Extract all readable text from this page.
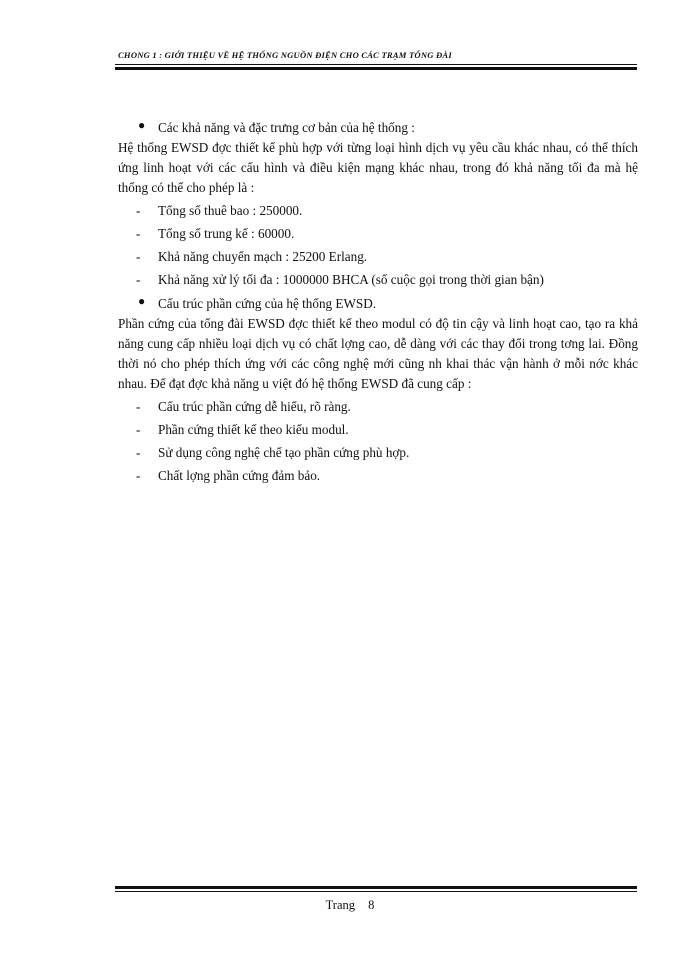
CHONG 1 : GIỚI THIỆU VỀ HỆ THỐNG NGUỒN ĐIỆN CHO CÁC TRẠM TỔNG ĐÀI
● Các khả năng và đặc trưng cơ bản của hệ thống :

Hệ thống EWSD đợc thiết kế phù hợp với từng loại hình dịch vụ yêu cầu khác nhau, có thể thích ứng linh hoạt với các cấu hình và điều kiện mạng khác nhau, trong đó khả năng tối đa mà hệ thống có thể cho phép là :

- Tổng số thuê bao : 250000.
- Tổng số trung kế : 60000.
- Khả năng chuyển mạch : 25200 Erlang.
- Khả năng xử lý tối đa : 1000000 BHCA (số cuộc gọi trong thời gian bận)
● Cấu trúc phần cứng của hệ thống EWSD.

Phần cứng của tổng đài EWSD đợc thiết kế theo modul có độ tin cậy và linh hoạt cao, tạo ra khả năng cung cấp nhiều loại dịch vụ có chất lợng cao, dễ dàng với các thay đổi trong tơng lai. Đồng thời nó cho phép thích ứng với các công nghệ mới cũng nh khai thác vận hành ở mỗi nớc khác nhau. Để đạt đợc khả năng u việt đó hệ thống EWSD đã cung cấp :

- Cấu trúc phần cứng dễ hiểu, rõ ràng.
- Phần cứng thiết kế theo kiểu modul.
- Sử dụng công nghệ chế tạo phần cứng phù hợp.
- Chất lợng phần cứng đảm bảo.
Trang 8
